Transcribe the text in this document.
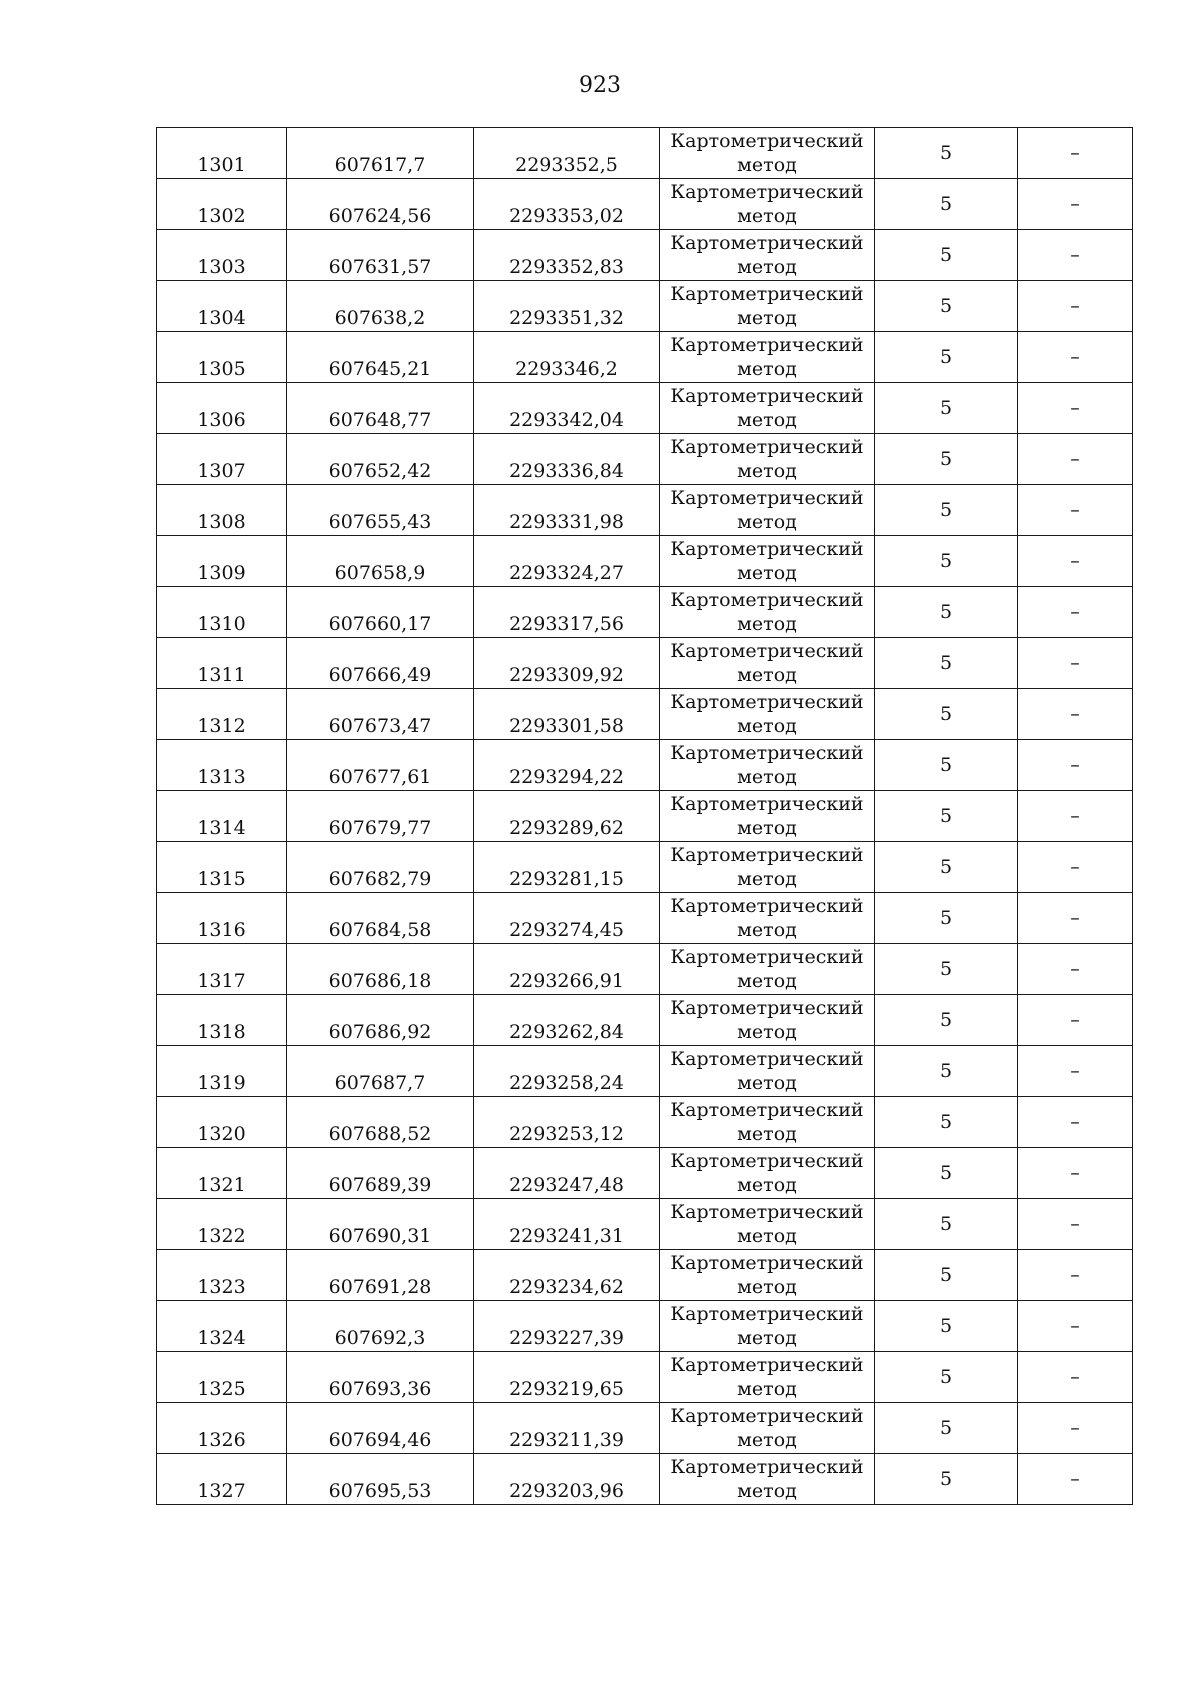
923
1301	607617,7	2293352,5	Картометрический
метод	5	–

1302	607624,56	2293353,02	Картометрический
метод	5	–

1303	607631,57	2293352,83	Картометрический
метод	5	–

1304	607638,2	2293351,32	Картометрический
метод	5	–

1305	607645,21	2293346,2	Картометрический
метод	5	–

1306	607648,77	2293342,04	Картометрический
метод	5	–

1307	607652,42	2293336,84	Картометрический
метод	5	–

1308	607655,43	2293331,98	Картометрический
метод	5	–

1309	607658,9	2293324,27	Картометрический
метод	5	–

1310	607660,17	2293317,56	Картометрический
метод	5	–

1311	607666,49	2293309,92	Картометрический
метод	5	–

1312	607673,47	2293301,58	Картометрический
метод	5	–

1313	607677,61	2293294,22	Картометрический
метод	5	–

1314	607679,77	2293289,62	Картометрический
метод	5	–

1315	607682,79	2293281,15	Картометрический
метод	5	–

1316	607684,58	2293274,45	Картометрический
метод	5	–

1317	607686,18	2293266,91	Картометрический
метод	5	–

1318	607686,92	2293262,84	Картометрический
метод	5	–

1319	607687,7	2293258,24	Картометрический
метод	5	–

1320	607688,52	2293253,12	Картометрический
метод	5	–

1321	607689,39	2293247,48	Картометрический
метод	5	–

1322	607690,31	2293241,31	Картометрический
метод	5	–

1323	607691,28	2293234,62	Картометрический
метод	5	–

1324	607692,3	2293227,39	Картометрический
метод	5	–

1325	607693,36	2293219,65	Картометрический
метод	5	–

1326	607694,46	2293211,39	Картометрический
метод	5	–

1327	607695,53	2293203,96	Картометрический
метод	5	–
